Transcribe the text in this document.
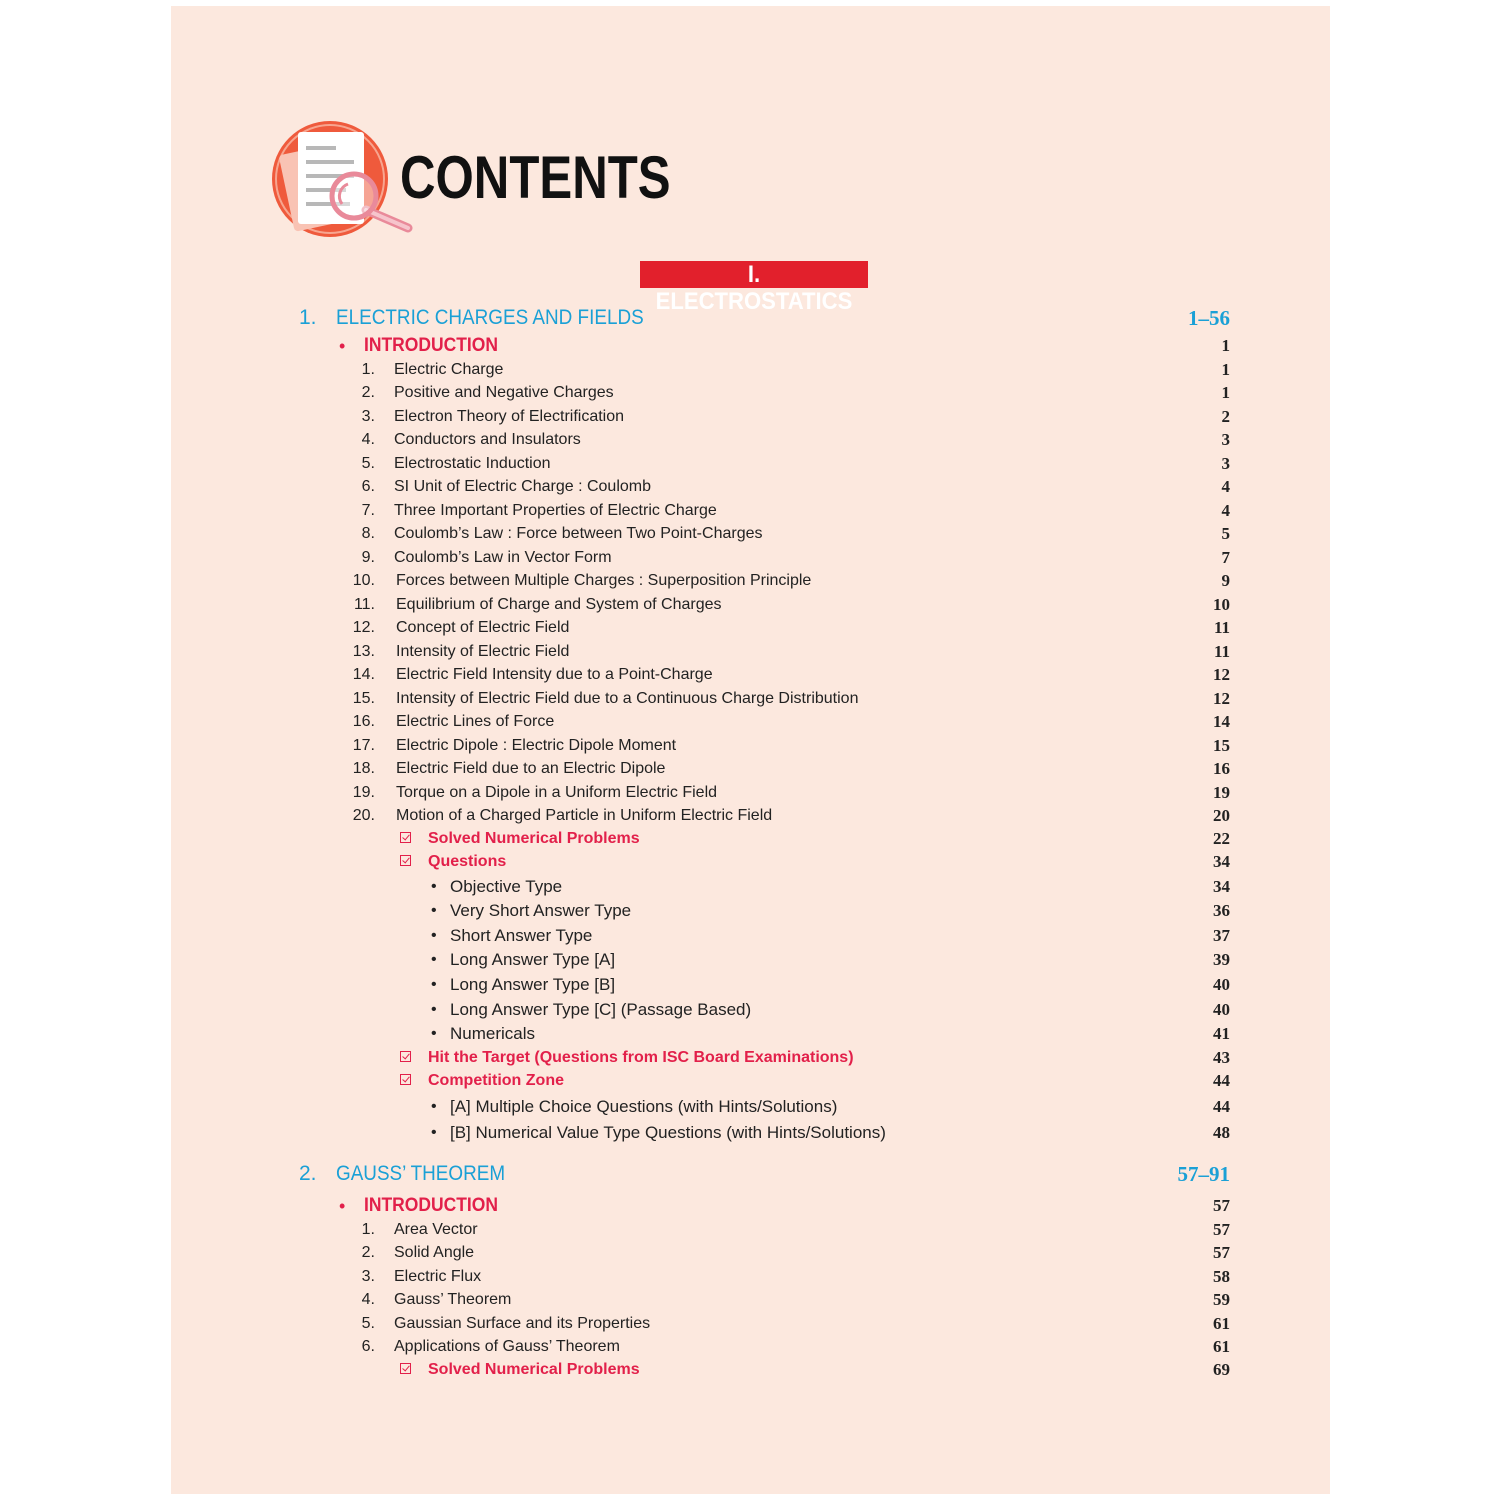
CONTENTS
I. ELECTROSTATICS
1. ELECTRIC CHARGES AND FIELDS	1–56
• INTRODUCTION	1
1. Electric Charge	1
2. Positive and Negative Charges	1
3. Electron Theory of Electrification	2
4. Conductors and Insulators	3
5. Electrostatic Induction	3
6. SI Unit of Electric Charge : Coulomb	4
7. Three Important Properties of Electric Charge	4
8. Coulomb’s Law : Force between Two Point-Charges	5
9. Coulomb’s Law in Vector Form	7
10. Forces between Multiple Charges : Superposition Principle	9
11. Equilibrium of Charge and System of Charges	10
12. Concept of Electric Field	11
13. Intensity of Electric Field	11
14. Electric Field Intensity due to a Point-Charge	12
15. Intensity of Electric Field due to a Continuous Charge Distribution	12
16. Electric Lines of Force	14
17. Electric Dipole : Electric Dipole Moment	15
18. Electric Field due to an Electric Dipole	16
19. Torque on a Dipole in a Uniform Electric Field	19
20. Motion of a Charged Particle in Uniform Electric Field	20
Solved Numerical Problems	22
Questions	34
• Objective Type	34
• Very Short Answer Type	36
• Short Answer Type	37
• Long Answer Type [A]	39
• Long Answer Type [B]	40
• Long Answer Type [C] (Passage Based)	40
• Numericals	41
Hit the Target (Questions from ISC Board Examinations)	43
Competition Zone	44
• [A] Multiple Choice Questions (with Hints/Solutions)	44
• [B] Numerical Value Type Questions (with Hints/Solutions)	48
2. GAUSS’ THEOREM	57–91
• INTRODUCTION	57
1. Area Vector	57
2. Solid Angle	57
3. Electric Flux	58
4. Gauss’ Theorem	59
5. Gaussian Surface and its Properties	61
6. Applications of Gauss’ Theorem	61
Solved Numerical Problems	69
